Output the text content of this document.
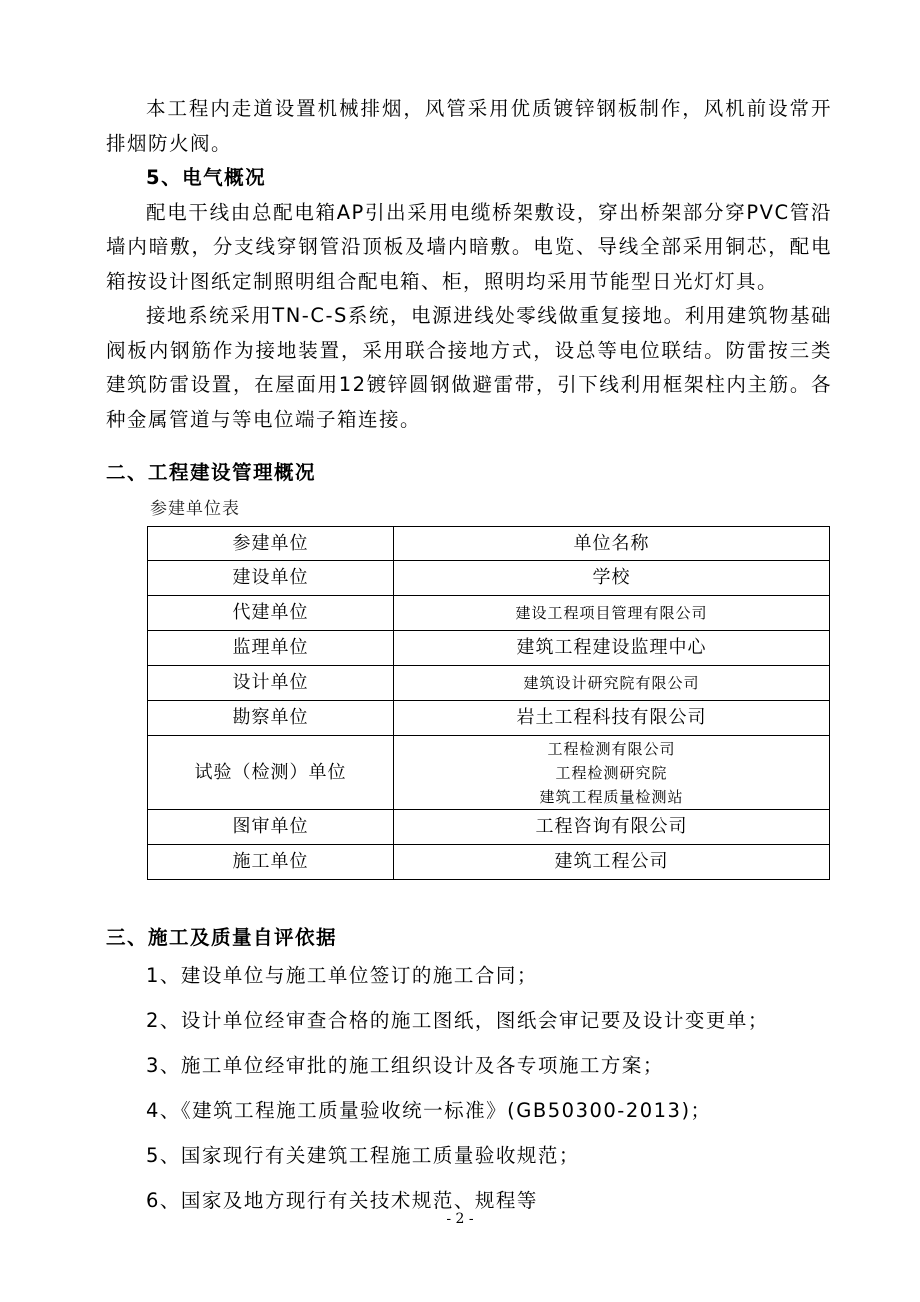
本工程内走道设置机械排烟，风管采用优质镀锌钢板制作，风机前设常开排烟防火阀。

5、电气概况

配电干线由总配电箱AP引出采用电缆桥架敷设，穿出桥架部分穿PVC管沿墙内暗敷，分支线穿钢管沿顶板及墙内暗敷。电览、导线全部采用铜芯，配电箱按设计图纸定制照明组合配电箱、柜，照明均采用节能型日光灯灯具。

接地系统采用TN-C-S系统，电源进线处零线做重复接地。利用建筑物基础阀板内钢筋作为接地装置，采用联合接地方式，设总等电位联结。防雷按三类建筑防雷设置，在屋面用12镀锌圆钢做避雷带，引下线利用框架柱内主筋。各种金属管道与等电位端子箱连接。

二、工程建设管理概况
参建单位表
参建单位	单位名称
建设单位	学校
代建单位	建设工程项目管理有限公司
监理单位	建筑工程建设监理中心
设计单位	建筑设计研究院有限公司
勘察单位	岩土工程科技有限公司
试验（检测）单位	工程检测有限公司
工程检测研究院
建筑工程质量检测站

图审单位	工程咨询有限公司
施工单位	建筑工程公司
三、施工及质量自评依据
1、建设单位与施工单位签订的施工合同；
2、设计单位经审查合格的施工图纸，图纸会审记要及设计变更单；
3、施工单位经审批的施工组织设计及各专项施工方案；
4、《建筑工程施工质量验收统一标准》(GB50300-2013)；
5、国家现行有关建筑工程施工质量验收规范；
6、国家及地方现行有关技术规范、规程等
- 2 -
